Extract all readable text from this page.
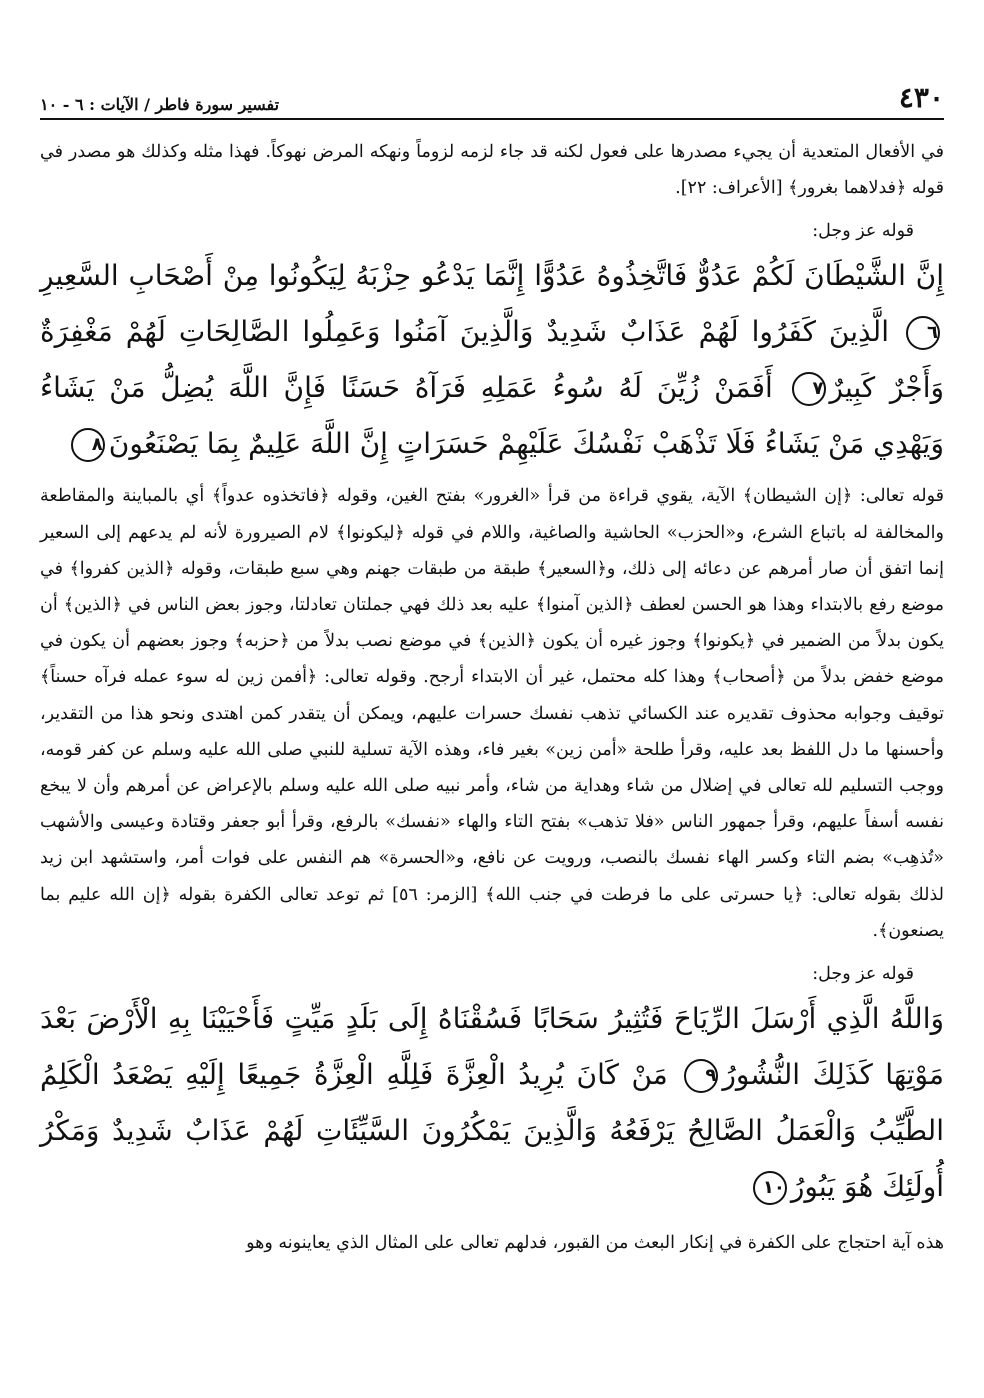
٤٣٠
تفسير سورة فاطر / الآيات : ٦ - ١٠

في الأفعال المتعدية أن يجيء مصدرها على فعول لكنه قد جاء لزمه لزوماً ونهكه المرض نهوكاً. فهذا مثله وكذلك هو مصدر في قوله ﴿فدلاهما بغرور﴾ [الأعراف: ٢٢].

قوله عز وجل:

إِنَّ الشَّيْطَانَ لَكُمْ عَدُوٌّ فَاتَّخِذُوهُ عَدُوًّا إِنَّمَا يَدْعُو حِزْبَهُ لِيَكُونُوا مِنْ أَصْحَابِ السَّعِيرِ٦ الَّذِينَ كَفَرُوا لَهُمْ عَذَابٌ شَدِيدٌ وَالَّذِينَ آمَنُوا وَعَمِلُوا الصَّالِحَاتِ لَهُمْ مَغْفِرَةٌ وَأَجْرٌ كَبِيرٌ٧ أَفَمَنْ زُيِّنَ لَهُ سُوءُ عَمَلِهِ فَرَآهُ حَسَنًا فَإِنَّ اللَّهَ يُضِلُّ مَنْ يَشَاءُ وَيَهْدِي مَنْ يَشَاءُ فَلَا تَذْهَبْ نَفْسُكَ عَلَيْهِمْ حَسَرَاتٍ إِنَّ اللَّهَ عَلِيمٌ بِمَا يَصْنَعُونَ٨

قوله تعالى: ﴿إن الشيطان﴾ الآية، يقوي قراءة من قرأ «الغرور» بفتح الغين، وقوله ﴿فاتخذوه عدواً﴾ أي بالمباينة والمقاطعة والمخالفة له باتباع الشرع، و«الحزب» الحاشية والصاغية، واللام في قوله ﴿ليكونوا﴾ لام الصيرورة لأنه لم يدعهم إلى السعير إنما اتفق أن صار أمرهم عن دعائه إلى ذلك، و﴿السعير﴾ طبقة من طبقات جهنم وهي سبع طبقات، وقوله ﴿الذين كفروا﴾ في موضع رفع بالابتداء وهذا هو الحسن لعطف ﴿الذين آمنوا﴾ عليه بعد ذلك فهي جملتان تعادلتا، وجوز بعض الناس في ﴿الذين﴾ أن يكون بدلاً من الضمير في ﴿يكونوا﴾ وجوز غيره أن يكون ﴿الذين﴾ في موضع نصب بدلاً من ﴿حزبه﴾ وجوز بعضهم أن يكون في موضع خفض بدلاً من ﴿أصحاب﴾ وهذا كله محتمل، غير أن الابتداء أرجح. وقوله تعالى: ﴿أفمن زين له سوء عمله فرآه حسناً﴾ توقيف وجوابه محذوف تقديره عند الكسائي تذهب نفسك حسرات عليهم، ويمكن أن يتقدر كمن اهتدى ونحو هذا من التقدير، وأحسنها ما دل اللفظ بعد عليه، وقرأ طلحة «أمن زين» بغير فاء، وهذه الآية تسلية للنبي صلى الله عليه وسلم عن كفر قومه، ووجب التسليم لله تعالى في إضلال من شاء وهداية من شاء، وأمر نبيه صلى الله عليه وسلم بالإعراض عن أمرهم وأن لا يبخع نفسه أسفاً عليهم، وقرأ جمهور الناس «فلا تذهب» بفتح التاء والهاء «نفسك» بالرفع، وقرأ أبو جعفر وقتادة وعيسى والأشهب «تُذهِب» بضم التاء وكسر الهاء نفسك بالنصب، ورويت عن نافع، و«الحسرة» هم النفس على فوات أمر، واستشهد ابن زيد لذلك بقوله تعالى: ﴿يا حسرتى على ما فرطت في جنب الله﴾ [الزمر: ٥٦] ثم توعد تعالى الكفرة بقوله ﴿إن الله عليم بما يصنعون﴾.

قوله عز وجل:

وَاللَّهُ الَّذِي أَرْسَلَ الرِّيَاحَ فَتُثِيرُ سَحَابًا فَسُقْنَاهُ إِلَى بَلَدٍ مَيِّتٍ فَأَحْيَيْنَا بِهِ الْأَرْضَ بَعْدَ مَوْتِهَا كَذَلِكَ النُّشُورُ٩ مَنْ كَانَ يُرِيدُ الْعِزَّةَ فَلِلَّهِ الْعِزَّةُ جَمِيعًا إِلَيْهِ يَصْعَدُ الْكَلِمُ الطَّيِّبُ وَالْعَمَلُ الصَّالِحُ يَرْفَعُهُ وَالَّذِينَ يَمْكُرُونَ السَّيِّئَاتِ لَهُمْ عَذَابٌ شَدِيدٌ وَمَكْرُ أُولَئِكَ هُوَ يَبُورُ١٠

هذه آية احتجاج على الكفرة في إنكار البعث من القبور، فدلهم تعالى على المثال الذي يعاينونه وهو
